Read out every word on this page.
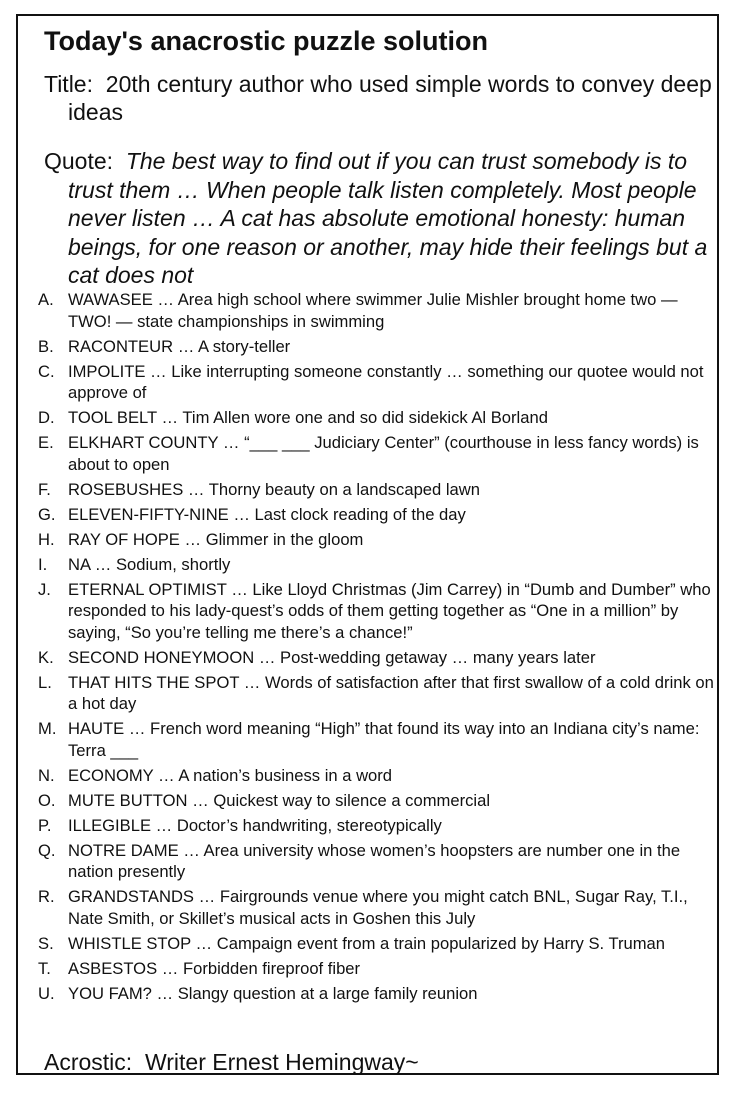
Today's anacrostic puzzle solution
Title: 20th century author who used simple words to convey deep ideas
Quote: The best way to find out if you can trust somebody is to trust them … When people talk listen completely. Most people never listen … A cat has absolute emotional honesty: human beings, for one reason or another, may hide their feelings but a cat does not
A. WAWASEE … Area high school where swimmer Julie Mishler brought home two — TWO! — state championships in swimming
B. RACONTEUR … A story-teller
C. IMPOLITE … Like interrupting someone constantly … something our quotee would not approve of
D. TOOL BELT … Tim Allen wore one and so did sidekick Al Borland
E. ELKHART COUNTY … “___ ___ Judiciary Center” (courthouse in less fancy words) is about to open
F. ROSEBUSHES … Thorny beauty on a landscaped lawn
G. ELEVEN-FIFTY-NINE … Last clock reading of the day
H. RAY OF HOPE … Glimmer in the gloom
I. NA … Sodium, shortly
J. ETERNAL OPTIMIST … Like Lloyd Christmas (Jim Carrey) in “Dumb and Dumber” who responded to his lady-quest’s odds of them getting together as “One in a million” by saying, “So you’re telling me there’s a chance!”
K. SECOND HONEYMOON … Post-wedding getaway … many years later
L. THAT HITS THE SPOT … Words of satisfaction after that first swallow of a cold drink on a hot day
M. HAUTE … French word meaning “High” that found its way into an Indiana city’s name: Terra ___
N. ECONOMY … A nation’s business in a word
O. MUTE BUTTON … Quickest way to silence a commercial
P. ILLEGIBLE … Doctor’s handwriting, stereotypically
Q. NOTRE DAME … Area university whose women’s hoopsters are number one in the nation presently
R. GRANDSTANDS … Fairgrounds venue where you might catch BNL, Sugar Ray, T.I., Nate Smith, or Skillet’s musical acts in Goshen this July
S. WHISTLE STOP … Campaign event from a train popularized by Harry S. Truman
T. ASBESTOS … Forbidden fireproof fiber
U. YOU FAM? … Slangy question at a large family reunion
Acrostic: Writer Ernest Hemingway~
